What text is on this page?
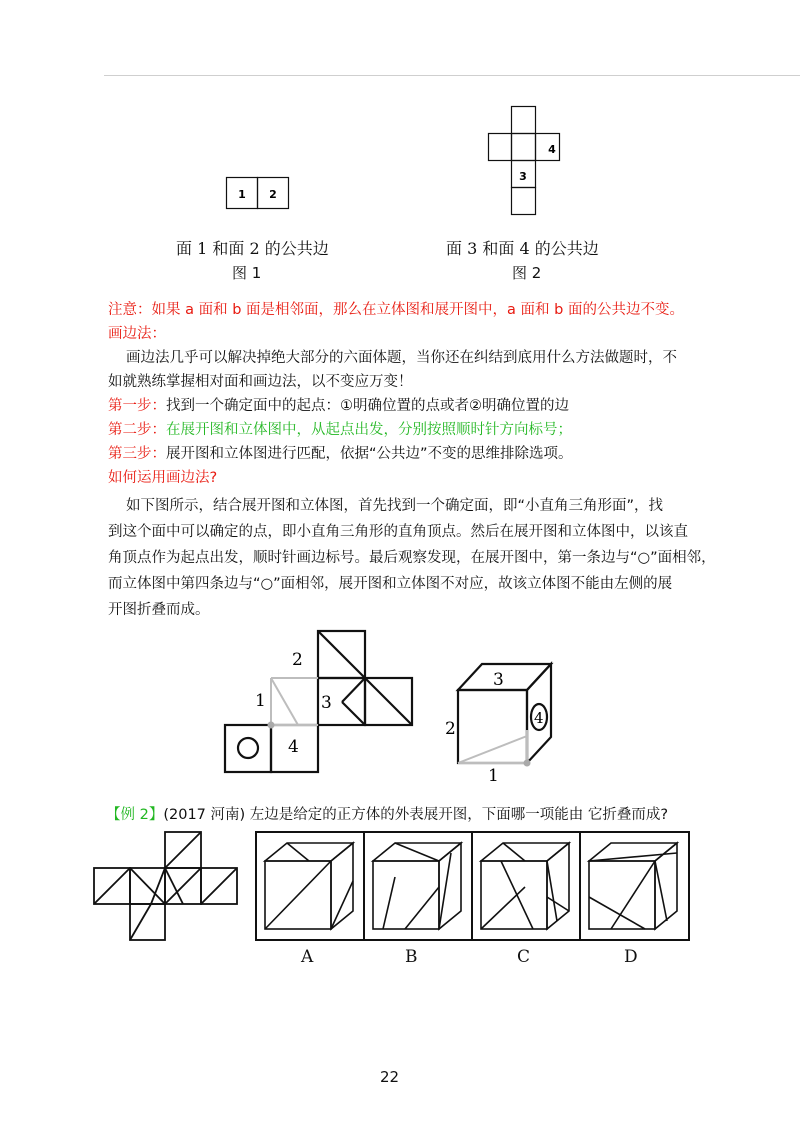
1 2
面 1 和面 2 的公共边
图 1
4
3
面 3 和面 4 的公共边
图 2
注意：如果 a 面和 b 面是相邻面，那么在立体图和展开图中，a 面和 b 面的公共边不变。
画边法：
画边法几乎可以解决掉绝大部分的六面体题，当你还在纠结到底用什么方法做题时，不
如就熟练掌握相对面和画边法，以不变应万变！
第一步：找到一个确定面中的起点：①明确位置的点或者②明确位置的边
第二步：在展开图和立体图中，从起点出发，分别按照顺时针方向标号；
第三步：展开图和立体图进行匹配，依据“公共边”不变的思维排除选项。
如何运用画边法?
如下图所示，结合展开图和立体图，首先找到一个确定面，即“小直角三角形面”，找
到这个面中可以确定的点，即小直角三角形的直角顶点。然后在展开图和立体图中，以该直
角顶点作为起点出发，顺时针画边标号。最后观察发现，在展开图中，第一条边与“○”面相邻，
而立体图中第四条边与“○”面相邻，展开图和立体图不对应，故该立体图不能由左侧的展
开图折叠而成。
2
1	3
4
3
2
4
1
【例 2】(2017 河南) 左边是给定的正方体的外表展开图，下面哪一项能由 它折叠而成?
A	B	C	D
22
